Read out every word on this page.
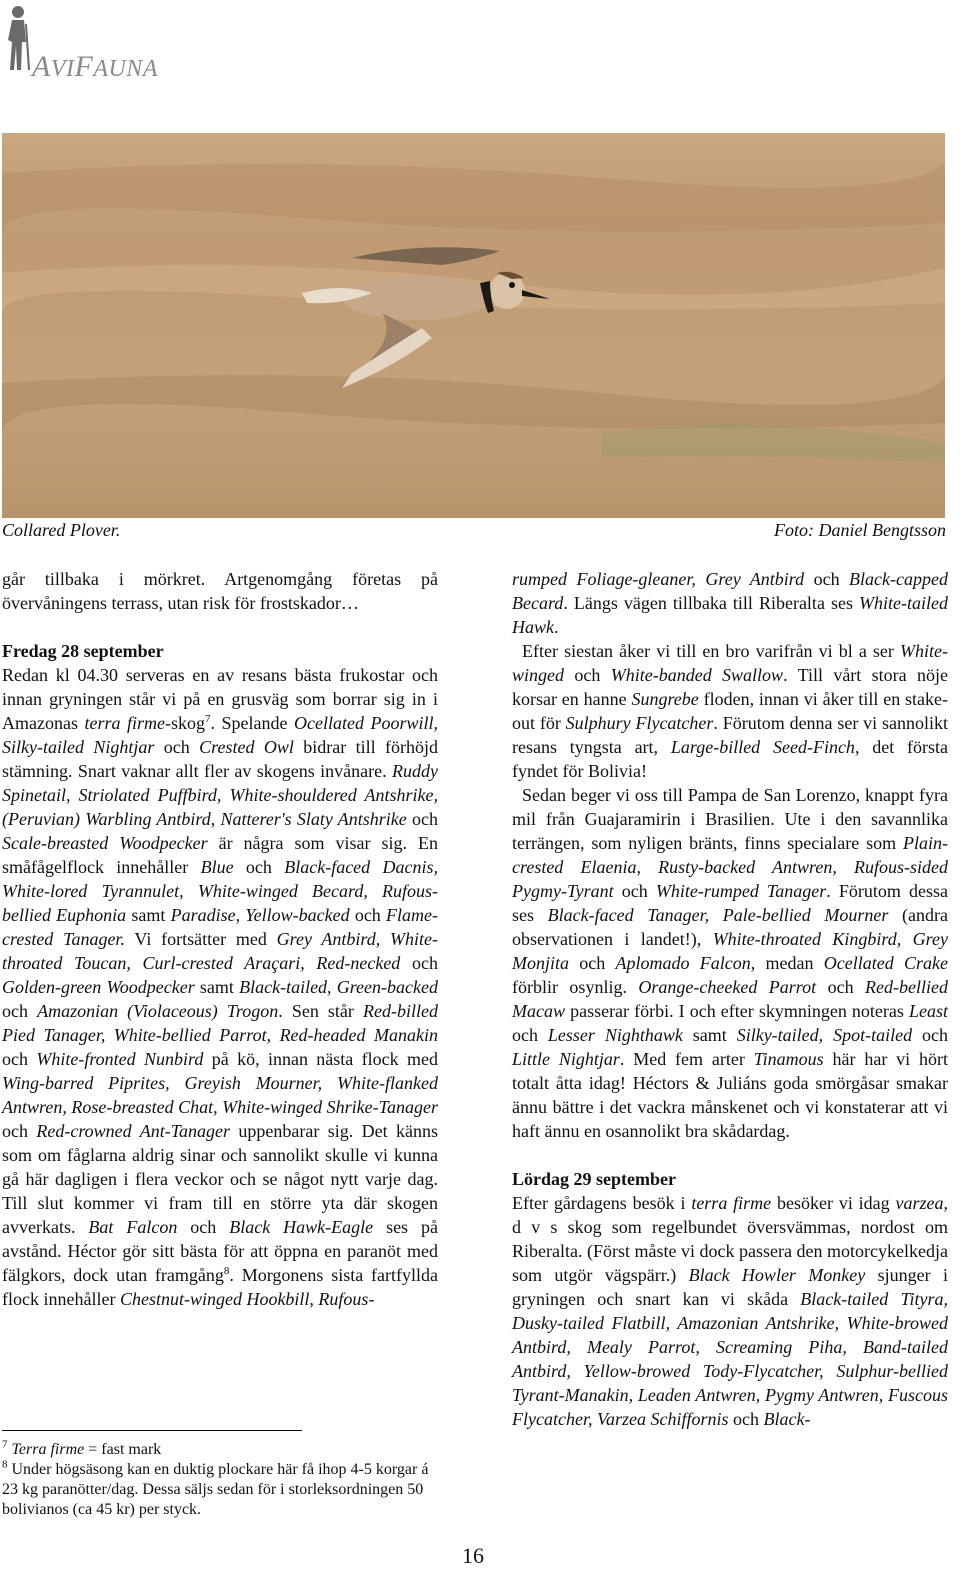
AVIFAUNA
Collared Plover.	Foto: Daniel Bengtsson

går tillbaka i mörkret. Artgenomgång företas på övervåningens terrass, utan risk för frostskador…

Fredag 28 september

Redan kl 04.30 serveras en av resans bästa frukostar och innan gryningen står vi på en grusväg som borrar sig in i Amazonas terra firme-skog$^7$. Spelande Ocellated Poorwill, Silky-tailed Nightjar och Crested Owl bidrar till förhöjd stämning. Snart vaknar allt fler av skogens invånare. Ruddy Spinetail, Striolated Puffbird, White-shouldered Antshrike, (Peruvian) Warbling Antbird, Natterer's Slaty Antshrike och Scale-breasted Woodpecker är några som visar sig. En småfågelflock innehåller Blue och Black-faced Dacnis, White-lored Tyrannulet, White-winged Becard, Rufous-bellied Euphonia samt Paradise, Yellow-backed och Flame-crested Tanager. Vi fortsätter med Grey Antbird, White-throated Toucan, Curl-crested Araçari, Red-necked och Golden-green Woodpecker samt Black-tailed, Green-backed och Amazonian (Violaceous) Trogon. Sen står Red-billed Pied Tanager, White-bellied Parrot, Red-headed Manakin och White-fronted Nunbird på kö, innan nästa flock med Wing-barred Piprites, Greyish Mourner, White-flanked Antwren, Rose-breasted Chat, White-winged Shrike-Tanager och Red-crowned Ant-Tanager uppenbarar sig. Det känns som om fåglarna aldrig sinar och sannolikt skulle vi kunna gå här dagligen i flera veckor och se något nytt varje dag. Till slut kommer vi fram till en större yta där skogen avverkats. Bat Falcon och Black Hawk-Eagle ses på avstånd. Héctor gör sitt bästa för att öppna en paranöt med fälgkors, dock utan framgång$^8$. Morgonens sista fartfyllda flock innehåller Chestnut-winged Hookbill, Rufous-

rumped Foliage-gleaner, Grey Antbird och Black-capped Becard. Längs vägen tillbaka till Riberalta ses White-tailed Hawk.

Efter siestan åker vi till en bro varifrån vi bl a ser White-winged och White-banded Swallow. Till vårt stora nöje korsar en hanne Sungrebe floden, innan vi åker till en stake-out för Sulphury Flycatcher. Förutom denna ser vi sannolikt resans tyngsta art, Large-billed Seed-Finch, det första fyndet för Bolivia!

Sedan beger vi oss till Pampa de San Lorenzo, knappt fyra mil från Guajaramirin i Brasilien. Ute i den savannlika terrängen, som nyligen bränts, finns specialare som Plain-crested Elaenia, Rusty-backed Antwren, Rufous-sided Pygmy-Tyrant och White-rumped Tanager. Förutom dessa ses Black-faced Tanager, Pale-bellied Mourner (andra observationen i landet!), White-throated Kingbird, Grey Monjita och Aplomado Falcon, medan Ocellated Crake förblir osynlig. Orange-cheeked Parrot och Red-bellied Macaw passerar förbi. I och efter skymningen noteras Least och Lesser Nighthawk samt Silky-tailed, Spot-tailed och Little Nightjar. Med fem arter Tinamous här har vi hört totalt åtta idag! Héctors & Juliáns goda smörgåsar smakar ännu bättre i det vackra månskenet och vi konstaterar att vi haft ännu en osannolikt bra skådardag.

Lördag 29 september

Efter gårdagens besök i terra firme besöker vi idag varzea, d v s skog som regelbundet översvämmas, nordost om Riberalta. (Först måste vi dock passera den motorcykelkedja som utgör vägspärr.) Black Howler Monkey sjunger i gryningen och snart kan vi skåda Black-tailed Tityra, Dusky-tailed Flatbill, Amazonian Antshrike, White-browed Antbird, Mealy Parrot, Screaming Piha, Band-tailed Antbird, Yellow-browed Tody-Flycatcher, Sulphur-bellied Tyrant-Manakin, Leaden Antwren, Pygmy Antwren, Fuscous Flycatcher, Varzea Schiffornis och Black-

$^7$ Terra firme = fast mark

$^8$ Under högsäsong kan en duktig plockare här få ihop 4-5 korgar á 23 kg paranötter/dag. Dessa säljs sedan för i storleksordningen 50 bolivianos (ca 45 kr) per styck.

16
